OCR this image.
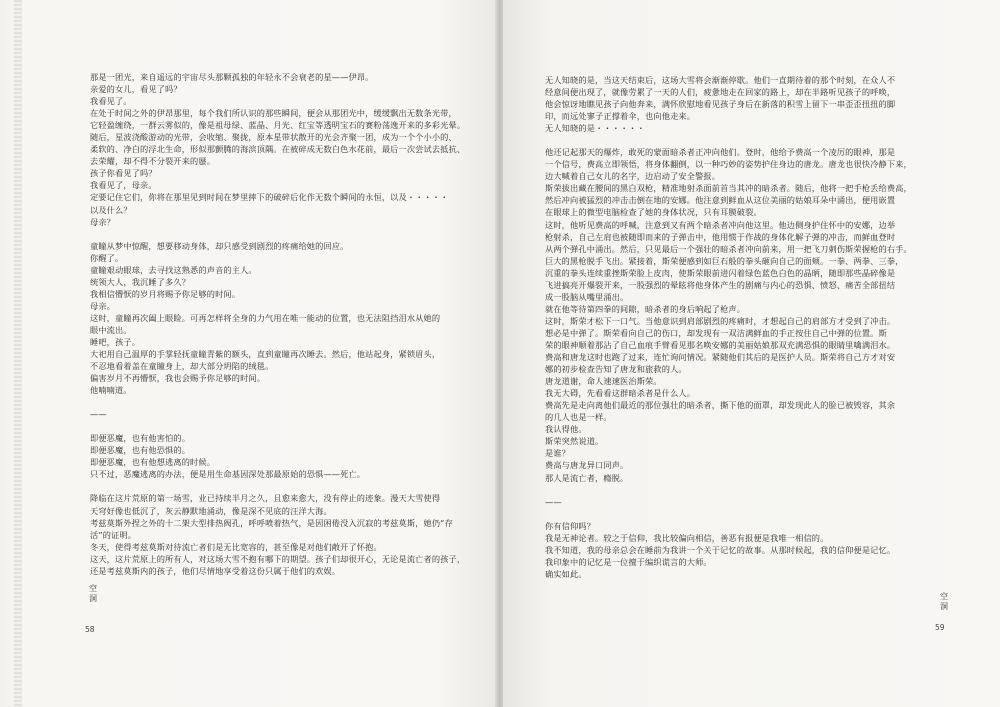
那是一团光，来自遥远的宇宙尽头那颗孤独的年轻永不会衰老的星——伊昂。

亲爱的女儿，看见了吗？

我看见了。

在处于时间之外的伊昂那里，每个我们所认识的那些瞬间，便会从那团光中，缓缓飘出无数条光带，

它轻盈缠绕，一群云雾似的，像是祖母绿、蓝晶、月光、红宝等透明宝石的赛粉荡逸开来的多彩光晕。

随后，星波浇酸游动的光带，会收缩、聚拢，原本星带状散开的光会齐聚一团，成为一个个小小的、

柔软的、净白的浮北生命，形似那颤腾的海滨顶隅。在被碎成无数白色水花前，最后一次尝试去抵抗、

去荣耀，却不得不分裂开来的蜃。

孩子你看见了吗？

我看见了，母亲。

定要记住它们，你将在那里见到时间在梦里摔下的破碎后化作无数个瞬间的永恒，以及・・・・・

以及什么？

母亲？

童瞳从梦中惊醒，想要移动身体，却只感受到剧烈的疼痛给她的回应。

你醒了。

童瞳艰动眼球，去寻找这熟悉的声音的主人。

统领大人，我沉睡了多久？

我相信懵恹的岁月将赐予你足够的时间。

母亲。

这时，童瞳再次阖上眼睑。可再怎样将全身的力气用在唯一能动的位置，也无法阻挡泪水从她的

眼中流出。

睡吧，孩子。

大祀用自己温厚的手掌轻抚童瞳青紫的额头，直到童瞳再次睡去。然后，他站起身，紧锁眉头，

不忍地看着盖在童瞳身上，却大部分坍陷的绒毯。

偏害岁月不再懵恹，我也会赐予你足够的时间。

他喃喃道。

——

即便恶魔，也有他害怕的。

即便恶魔，也有他恐惧的。

即便恶魔，也有他想逃离的时候。

只不过，恶魔逃离的办法，便是用生命基因深处那最原始的恐惧——死亡。

降临在这片荒原的第一场雪，业已持续半月之久，且愈来愈大，没有停止的迹象。漫天大雪使得

天穹好像也低沉了，灰云静默地涌动，像是深不见底的汪洋大海。

考兹莫斯外捏之外的十二架大型排热阀孔，呼呼喷着热气，是因困倦没入沉寂的考兹莫斯，她仍“存

活”的证明。

冬天，使得考兹莫斯对待流亡者们是无比宽容的，甚至像是对他们敞开了怀抱。

这天，这片荒原上的所有人，对这场大雪不抱有哪下的期望。孩子们却很开心，无论是流亡者的孩子，

还是考兹莫斯内的孩子，他们尽情地享受着这份只属于他们的欢娱。

空洞
58

无人知晓的是，当这天结束后，这场大雪将会渐渐停歇。他们一直期待着的那个时刻，在众人不

经意间便出现了，就像劳累了一天的人们，疲惫地走在回家的路上，却在半路听见孩子的呼唤，

他会惊讶地瞧见孩子向他奔来，满怀欣慰地看见孩子身后在新落的积雪上留下一串歪歪扭扭的脚

印，而远处寥子正撑着伞，也向他走来。

无人知晓的是・・・・・・

他还记起那天的爆炸，敢死的蒙面暗杀者正冲向他们。登时，他给予费高一个凌厉的眼神，那是

一个信号，费高立即领悟，将身体翻倒，以一种巧妙的姿势护住身边的唐龙。唐龙也很快冷静下来，

边大喊着自己女儿的名字，边启动了安全警报。

斯荣拔出藏在腰间的黑白双枪，精准地射杀面前首当其冲的暗杀者。随后，他将一把手枪丢给费高，

然后冲向被猛烈的冲击击倒在地的安娜。他注意到鲜血从这位美丽的姑娘耳朵中涌出，便用嵌置

在眼球上的微型电脑检查了她的身体状况，只有耳膜破裂。

这时，他听见费高的呼喊，注意到又有两个暗杀者冲向他这里。他边侧身护住怀中的安娜，边举

枪射杀，自己左肩也被随即而来的子弹击中，他用惯于作战的身体化解子弹的冲击，而鲜血登时

从两个弹孔中涌出。然后，只见最后一个强壮的暗杀者冲向前来，用一把飞刀刺伤斯荣握枪的右手。

巨大的黑枪脱手飞出。紧接着，斯荣便感到如巨石般的拳头砸向自己的面颊。一拳、两拳、三拳，

沉重的拳头连续重挫斯荣脸上皮肉，使斯荣眼前进闪着绿色蓝色白色的晶昞，随即那些晶碎像是

飞进搞亮开爆裂开来，一股强烈的晕眩将他身体产生的剧痛与内心的恐惧、愤怒、痛苦全部扭结

成一股脑从嘴里涌出。

就在他等待第四拳的间隙，暗杀者的身后响起了枪声。

这时，斯荣才松下一口气。当他意识到肩部剧烈的疼痛时，才想起自己的肩部方才受到了冲击。

想必是中弹了。斯荣看向自己的伤口，却发现有一双洁满鲜血的手正按住自己中弹的位置。斯

荣的眼神顺着那沾了自己血痕手臂看见那名唤安娜的美丽姑娘那双充满恐惧的眼睛里噙满泪水。

费高和唐龙这时也跑了过来，连忙询问情况。紧随他们其后的是医护人员。斯荣将自己方才对安

娜的初步检查告知了唐龙和旅救的人。

唐龙道谢，命人速速医治斯荣。

我无大碍，先看看这群暗杀者是什么人。

费高先是走向离他们最近的那位强壮的暗杀者，撕下他的面罩，却发现此人的脸已被毁容，其余

的几人也是一样。

我认得他。

斯荣突然说道。

是谁？

费高与唐龙异口同声。

那人是流亡者，瘾脱。

——

你有信仰吗？

我是无神论者。较之于信仰，我比较偏向相信，善恶有报便是我唯一相信的。

我不知道，我的母亲总会在睡前为我讲一个关于记忆的故事。从那时候起，我的信仰便是记忆。

我印象中的记忆是一位擅于编织谎言的大师。

确实如此。

空洞
59
